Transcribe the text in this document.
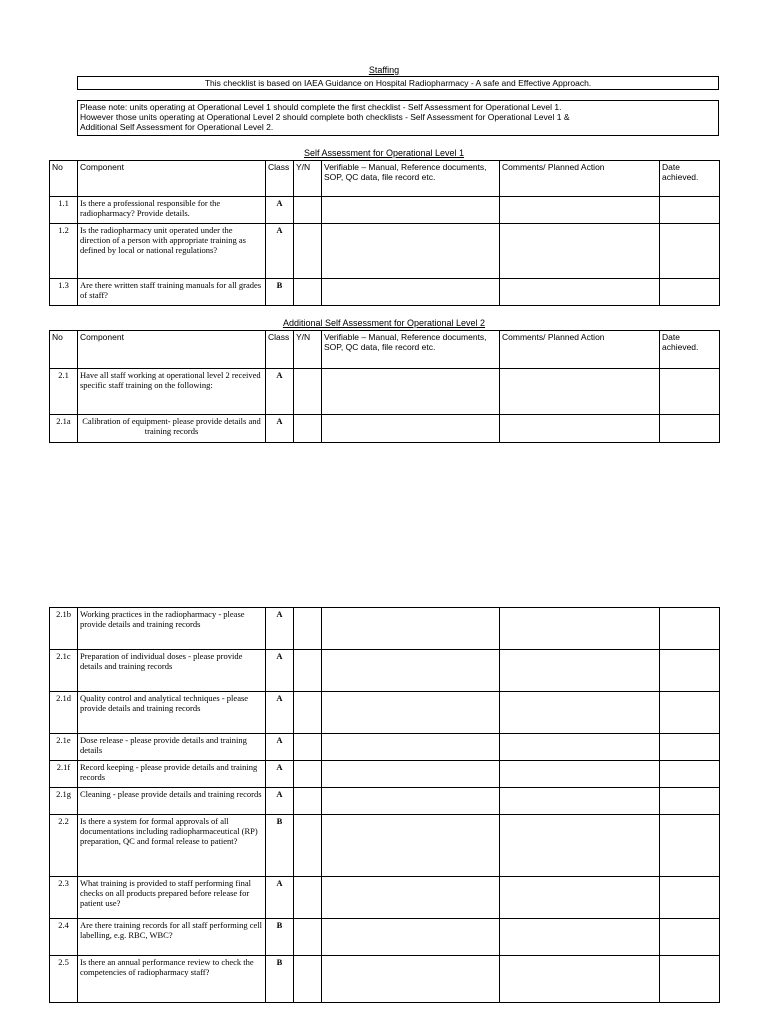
Staffing
This checklist is based on IAEA Guidance on Hospital Radiopharmacy - A safe and Effective Approach.
Please note: units operating at Operational Level 1 should complete the first checklist - Self Assessment for Operational Level 1.
However those units operating at Operational Level 2 should complete both checklists - Self Assessment for Operational Level 1 &
Additional Self Assessment for Operational Level 2.
Self Assessment for Operational Level 1
No	Component	Class	Y/N	Verifiable – Manual, Reference documents, SOP, QC data, file record etc.	Comments/ Planned Action	Date achieved.
1.1	Is there a professional responsible for the radiopharmacy? Provide details.	A				
1.2	Is the radiopharmacy unit operated under the direction of a person with appropriate training as defined by local or national regulations?	A				
1.3	Are there written staff training manuals for all grades of staff?	B				
Additional Self Assessment for Operational Level 2
No	Component	Class	Y/N	Verifiable – Manual, Reference documents, SOP, QC data, file record etc.	Comments/ Planned Action	Date achieved.
2.1	Have all staff working at operational level 2 received specific staff training on the following:	A				
2.1a	Calibration of equipment- please provide details and training records	A				
2.1b	Working practices in the radiopharmacy - please provide details and training records	A				
2.1c	Preparation of individual doses - please provide details and training records	A				
2.1d	Quality control and analytical techniques - please provide details and training records	A				
2.1e	Dose release - please provide details and training details	A				
2.1f	Record keeping - please provide details and training records	A				
2.1g	Cleaning - please provide details and training records	A				
2.2	Is there a system for formal approvals of all documentations including radiopharmaceutical (RP) preparation, QC and formal release to patient?	B				
2.3	What training is provided to staff performing final checks on all products prepared before release for patient use?	A				
2.4	Are there training records for all staff performing cell labelling, e.g. RBC, WBC?	B				
2.5	Is there an annual performance review to check the competencies of radiopharmacy staff?	B				
